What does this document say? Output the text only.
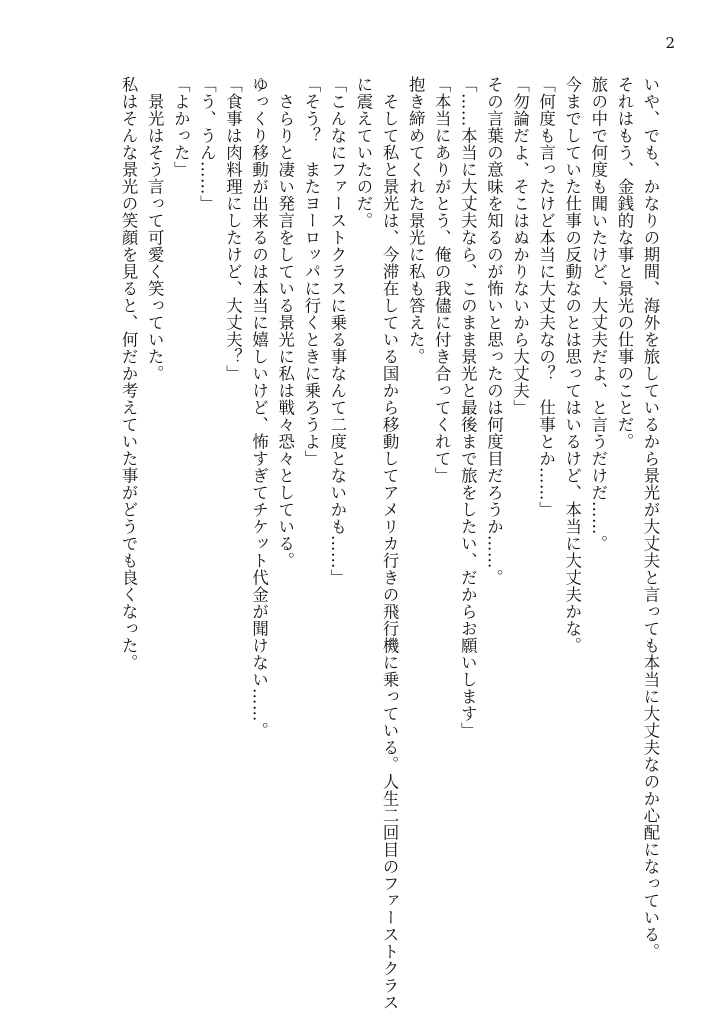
2
いや、でも、かなりの期間、海外を旅しているから景光が大丈夫と言っても本当に大丈夫なのか心配になっている。
それはもう、金銭的な事と景光の仕事のことだ。
旅の中で何度も聞いたけど、大丈夫だよ、と言うだけだ……。
今までしていた仕事の反動なのとは思ってはいるけど、本当に大丈夫かな。
「何度も言ったけど本当に大丈夫なの？　仕事とか……」
「勿論だよ、そこはぬかりないから大丈夫」
その言葉の意味を知るのが怖いと思ったのは何度目だろうか……。
「……本当に大丈夫なら、このまま景光と最後まで旅をしたい、だからお願いします」
「本当にありがとう、俺の我儘に付き合ってくれて」
抱き締めてくれた景光に私も答えた。
　そして私と景光は、今滞在している国から移動してアメリカ行きの飛行機に乗っている。人生二回目のファーストクラス
に震えていたのだ。
「こんなにファーストクラスに乗る事なんて二度とないかも……」
「そう？　またヨーロッパに行くときに乗ろうよ」
　さらりと凄い発言をしている景光に私は戦々恐々としている。
ゆっくり移動が出来るのは本当に嬉しいけど、怖すぎてチケット代金が聞けない……。
「食事は肉料理にしたけど、大丈夫？」
「う、うん……」
「よかった」
　景光はそう言って可愛く笑っていた。
私はそんな景光の笑顔を見ると、何だか考えていた事がどうでも良くなった。
